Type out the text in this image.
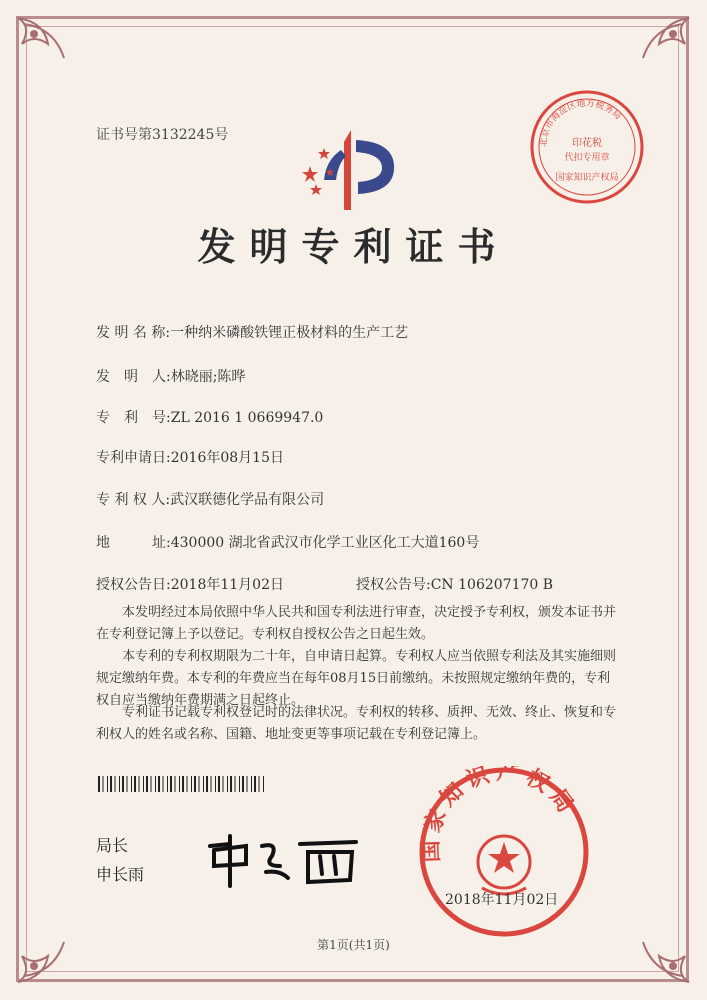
证书号第3132245号	北京市海淀区地方税务局
印花税
代扣专用章
国家知识产权局
发明专利证书
发 明 名 称:一种纳米磷酸铁锂正极材料的生产工艺
发　明　人:林晓丽;陈晔
专　利　号:ZL 2016 1 0669947.0
专利申请日:2016年08月15日
专 利 权 人:武汉联德化学品有限公司
地　　　址:430000 湖北省武汉市化学工业区化工大道160号
授权公告日:2018年11月02日	授权公告号:CN 106207170 B
本发明经过本局依照中华人民共和国专利法进行审查，决定授予专利权，颁发本证书并在专利登记簿上予以登记。专利权自授权公告之日起生效。
本专利的专利权期限为二十年，自申请日起算。专利权人应当依照专利法及其实施细则规定缴纳年费。本专利的年费应当在每年08月15日前缴纳。未按照规定缴纳年费的，专利权自应当缴纳年费期满之日起终止。
专利证书记载专利权登记时的法律状况。专利权的转移、质押、无效、终止、恢复和专利权人的姓名或名称、国籍、地址变更等事项记载在专利登记簿上。
局长
申长雨
国家知识产权局
2018年11月02日
第1页(共1页)
